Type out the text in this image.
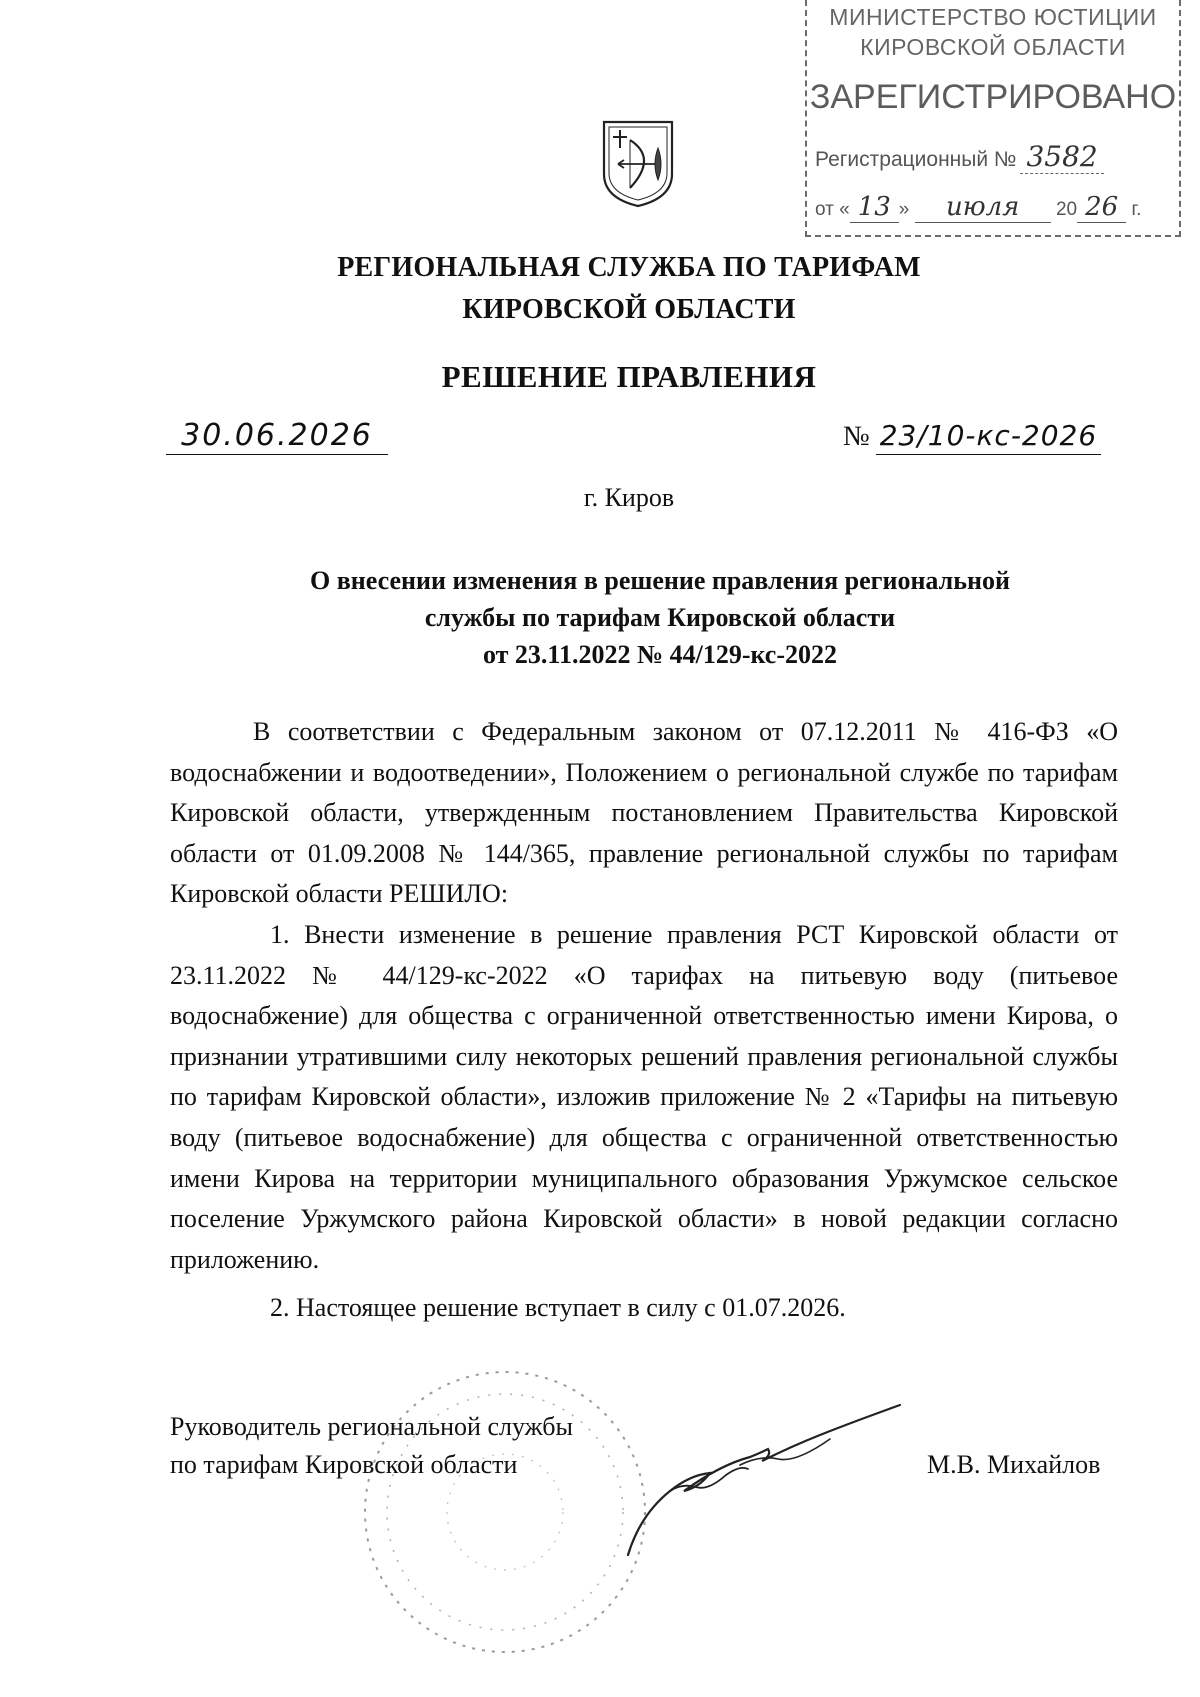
МИНИСТЕРСТВО ЮСТИЦИИ
КИРОВСКОЙ ОБЛАСТИ
ЗАРЕГИСТРИРОВАНО
Регистрационный № 3582
от « 13 » июля 20 26 г.
РЕГИОНАЛЬНАЯ СЛУЖБА ПО ТАРИФАМ
КИРОВСКОЙ ОБЛАСТИ
РЕШЕНИЕ ПРАВЛЕНИЯ
30.06.2026	№ 23/10-кс-2026
г. Киров
О внесении изменения в решение правления региональной
службы по тарифам Кировской области
от 23.11.2022 № 44/129-кс-2022

В соответствии с Федеральным законом от 07.12.2011 № 416-ФЗ «О водоснабжении и водоотведении», Положением о региональной службе по тарифам Кировской области, утвержденным постановлением Правительства Кировской области от 01.09.2008 № 144/365, правление региональной службы по тарифам Кировской области РЕШИЛО:

1. Внести изменение в решение правления РСТ Кировской области от 23.11.2022 № 44/129-кс-2022 «О тарифах на питьевую воду (питьевое водоснабжение) для общества с ограниченной ответственностью имени Кирова, о признании утратившими силу некоторых решений правления региональной службы по тарифам Кировской области», изложив приложение № 2 «Тарифы на питьевую воду (питьевое водоснабжение) для общества с ограниченной ответственностью имени Кирова на территории муниципального образования Уржумское сельское поселение Уржумского района Кировской области» в новой редакции согласно приложению.

2. Настоящее решение вступает в силу с 01.07.2026.

Руководитель региональной службы
по тарифам Кировской области	М.В. Михайлов
